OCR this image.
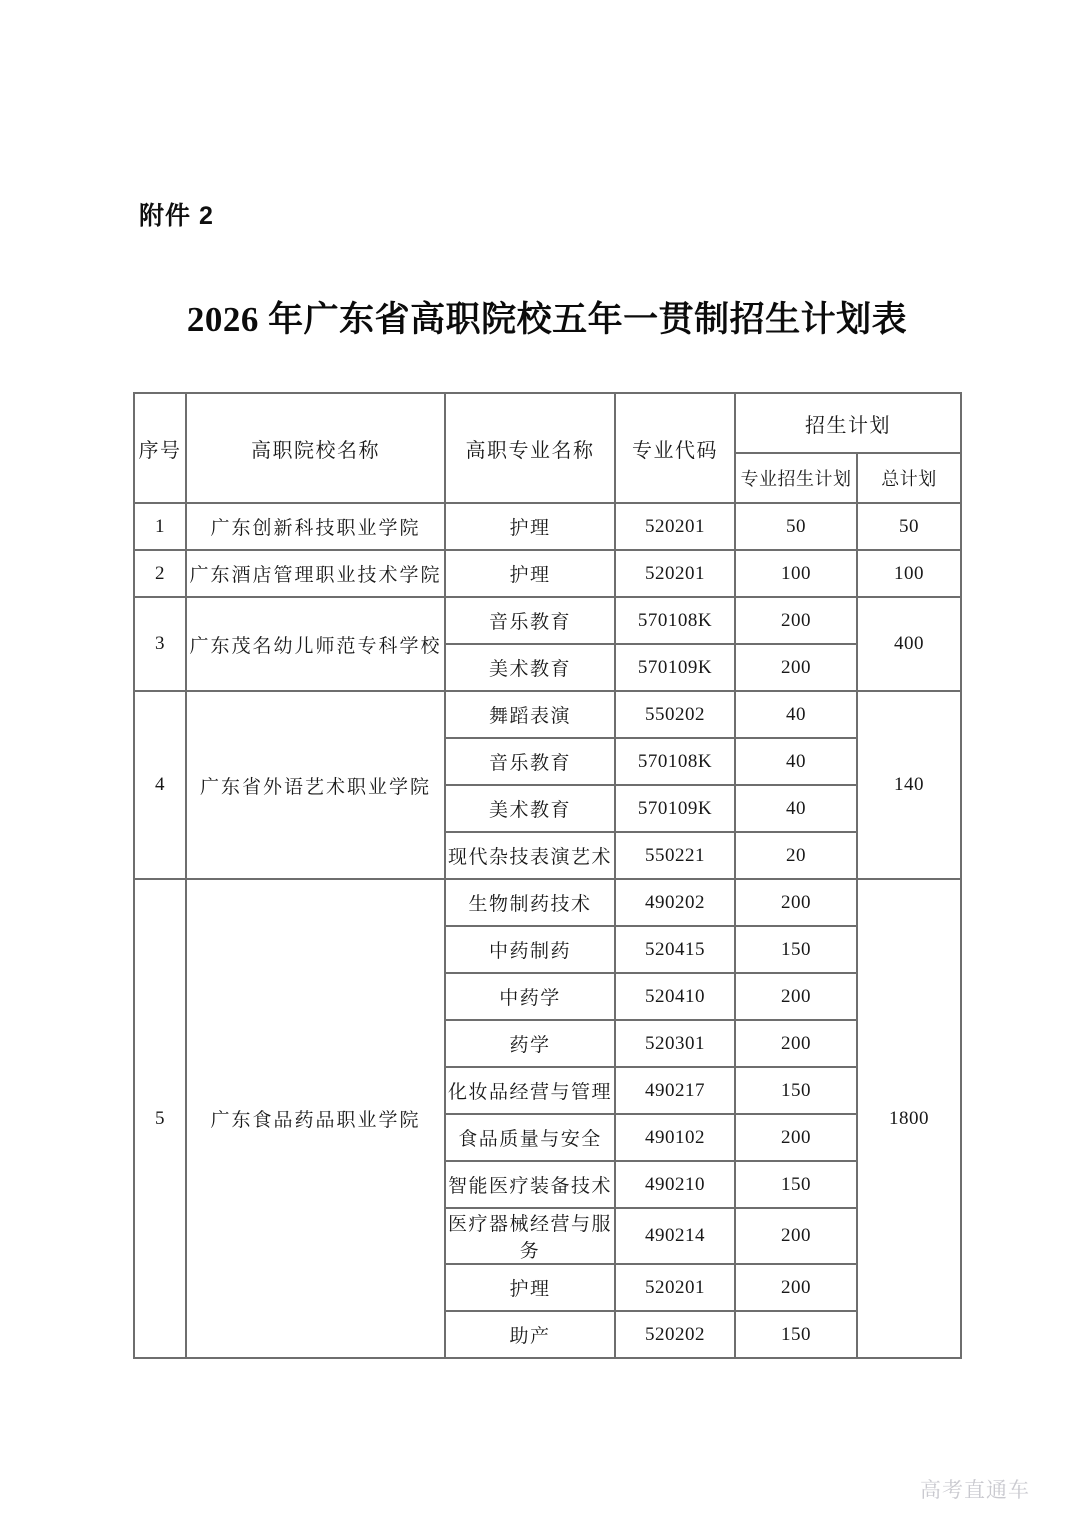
附件 2
2026 年广东省高职院校五年一贯制招生计划表
序号	高职院校名称	高职专业名称	专业代码	招生计划	
				专业招生计划	总计划
1	广东创新科技职业学院	护理	520201	50	50
2	广东酒店管理职业技术学院	护理	520201	100	100
3	广东茂名幼儿师范专科学校	音乐教育	570108K	200	400
		美术教育	570109K	200	
4	广东省外语艺术职业学院	舞蹈表演	550202	40	140
		音乐教育	570108K	40	
		美术教育	570109K	40	
		现代杂技表演艺术	550221	20	
5	广东食品药品职业学院	生物制药技术	490202	200	1800
		中药制药	520415	150	
		中药学	520410	200	
		药学	520301	200	
		化妆品经营与管理	490217	150	
		食品质量与安全	490102	200	
		智能医疗装备技术	490210	150	
		医疗器械经营与服务	490214	200	
		护理	520201	200	
		助产	520202	150	
高考直通车
